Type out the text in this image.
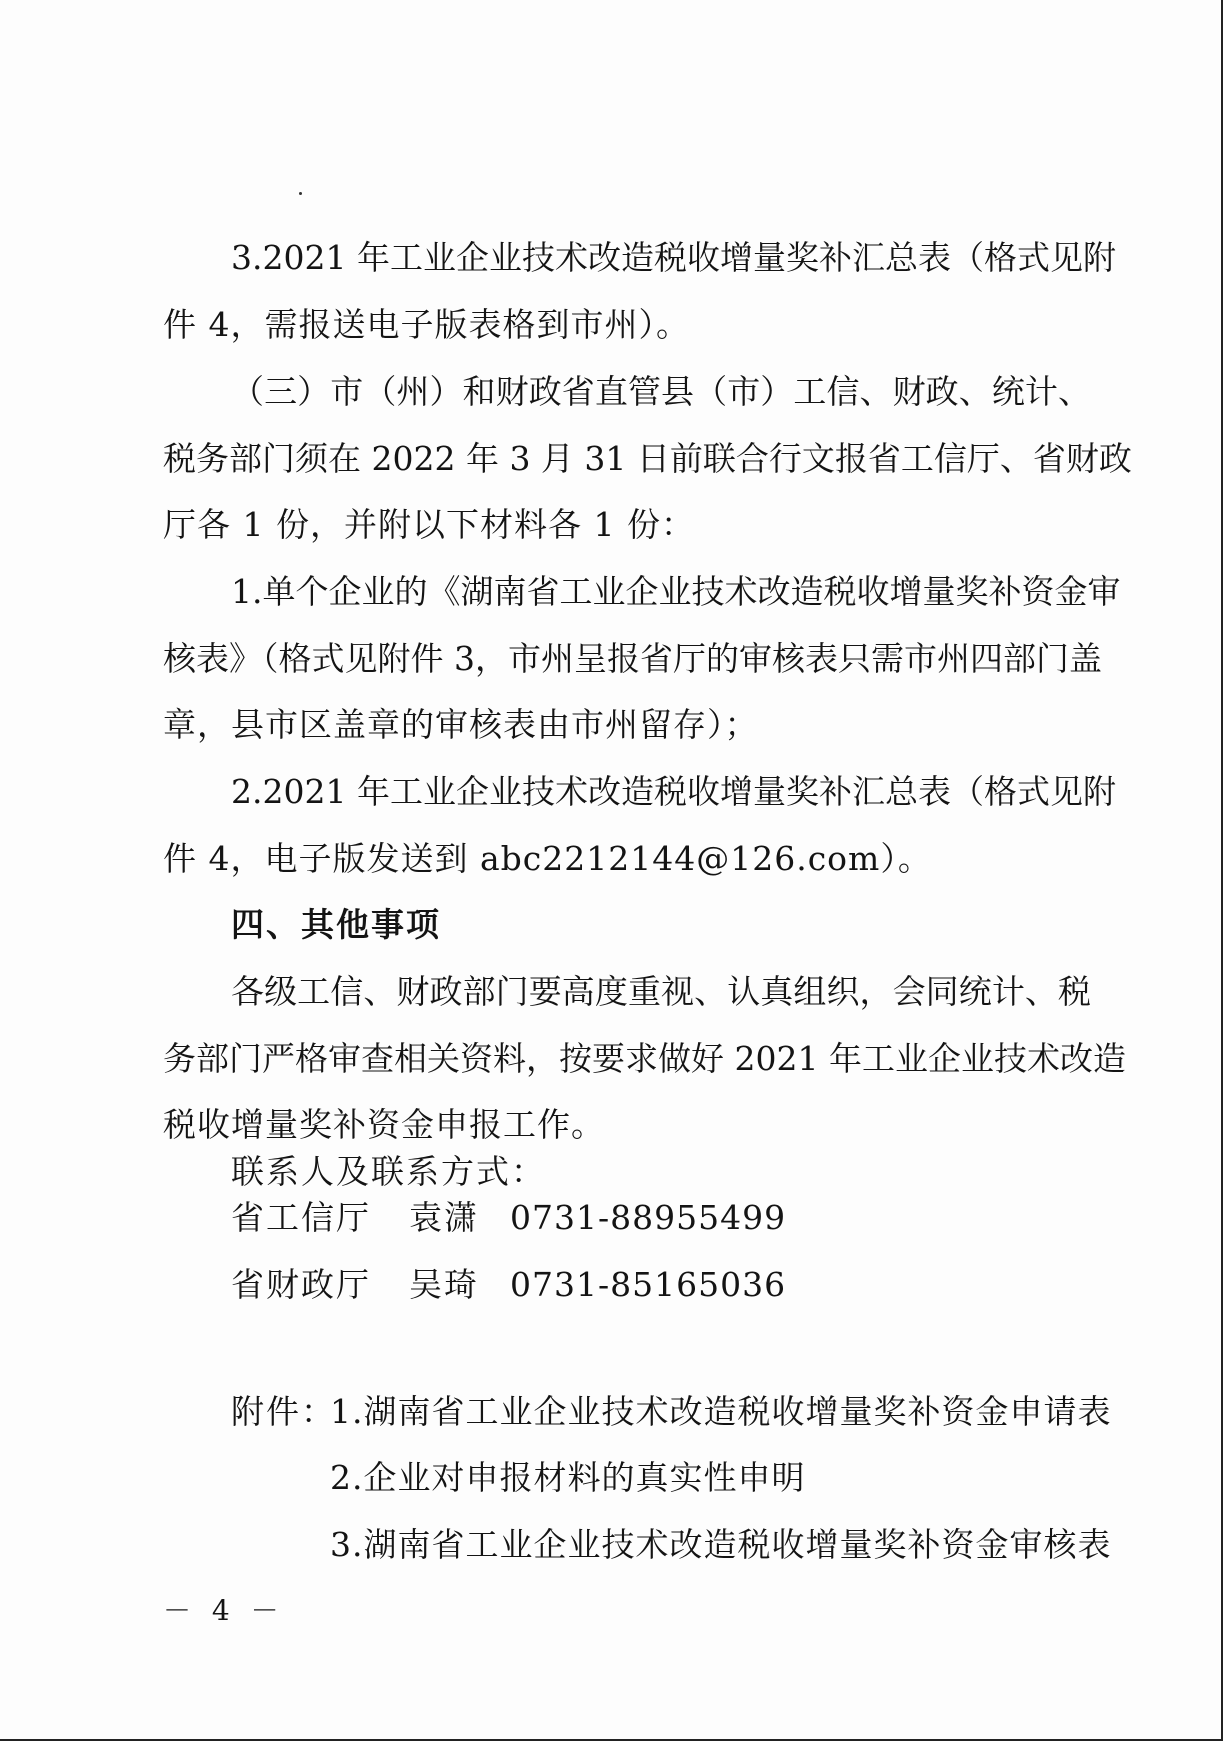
3.2021 年工业企业技术改造税收增量奖补汇总表（格式见附
件 4，需报送电子版表格到市州）。
（三）市（州）和财政省直管县（市）工信、财政、统计、
税务部门须在 2022 年 3 月 31 日前联合行文报省工信厅、省财政
厅各 1 份，并附以下材料各 1 份：
1.单个企业的《湖南省工业企业技术改造税收增量奖补资金审
核表》（格式见附件 3，市州呈报省厅的审核表只需市州四部门盖
章，县市区盖章的审核表由市州留存）；
2.2021 年工业企业技术改造税收增量奖补汇总表（格式见附
件 4，电子版发送到 abc2212144@126.com）。
四、其他事项
各级工信、财政部门要高度重视、认真组织，会同统计、税
务部门严格审查相关资料，按要求做好 2021 年工业企业技术改造
税收增量奖补资金申报工作。
联系人及联系方式：
省工信厅 袁潇 0731-88955499
省财政厅 吴琦 0731-85165036
附件：
1.湖南省工业企业技术改造税收增量奖补资金申请表
2.企业对申报材料的真实性申明
3.湖南省工业企业技术改造税收增量奖补资金审核表
－ 4 －
